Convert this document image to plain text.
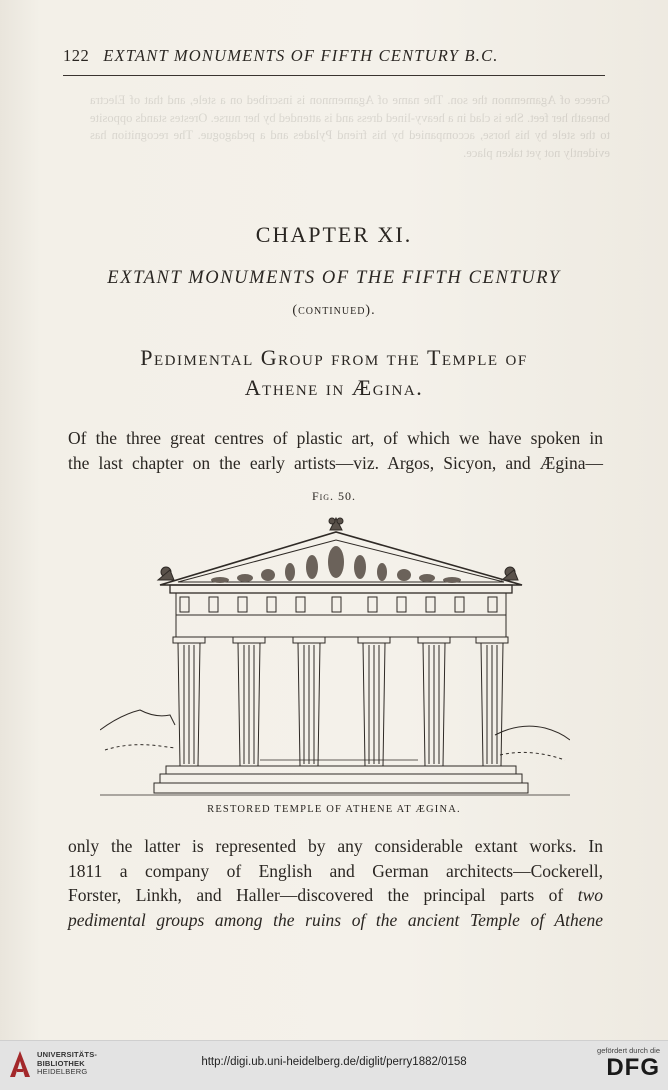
122 EXTANT MONUMENTS OF FIFTH CENTURY B.C.
Greece of Agamemnon the son. The name of Agamemnon is inscribed on a stele, and that of Electra beneath her feet. She is clad in a heavy-lined dress and is attended by her nurse. Orestes stands opposite to the stele by his horse, accompanied by his friend Pylades and a pedagogue. The recognition has evidently not yet taken place.
CHAPTER XI.
EXTANT MONUMENTS OF THE FIFTH CENTURY
(continued).
Pedimental Group from the Temple of
Athene in Ægina.
Of the three great centres of plastic art, of which we have spoken in
the last chapter on the early artists—viz. Argos, Sicyon, and Ægina—
Fig. 50.
RESTORED TEMPLE OF ATHENE AT ÆGINA.
only the latter is represented by any considerable extant works. In
1811 a company of English and German architects—Cockerell,
Forster, Linkh, and Haller—discovered the principal parts of two
pedimental groups among the ruins of the ancient Temple of Athene
UNIVERSITÄTS-
BIBLIOTHEK
HEIDELBERG
http://digi.ub.uni-heidelberg.de/diglit/perry1882/0158
gefördert durch die
DFG
